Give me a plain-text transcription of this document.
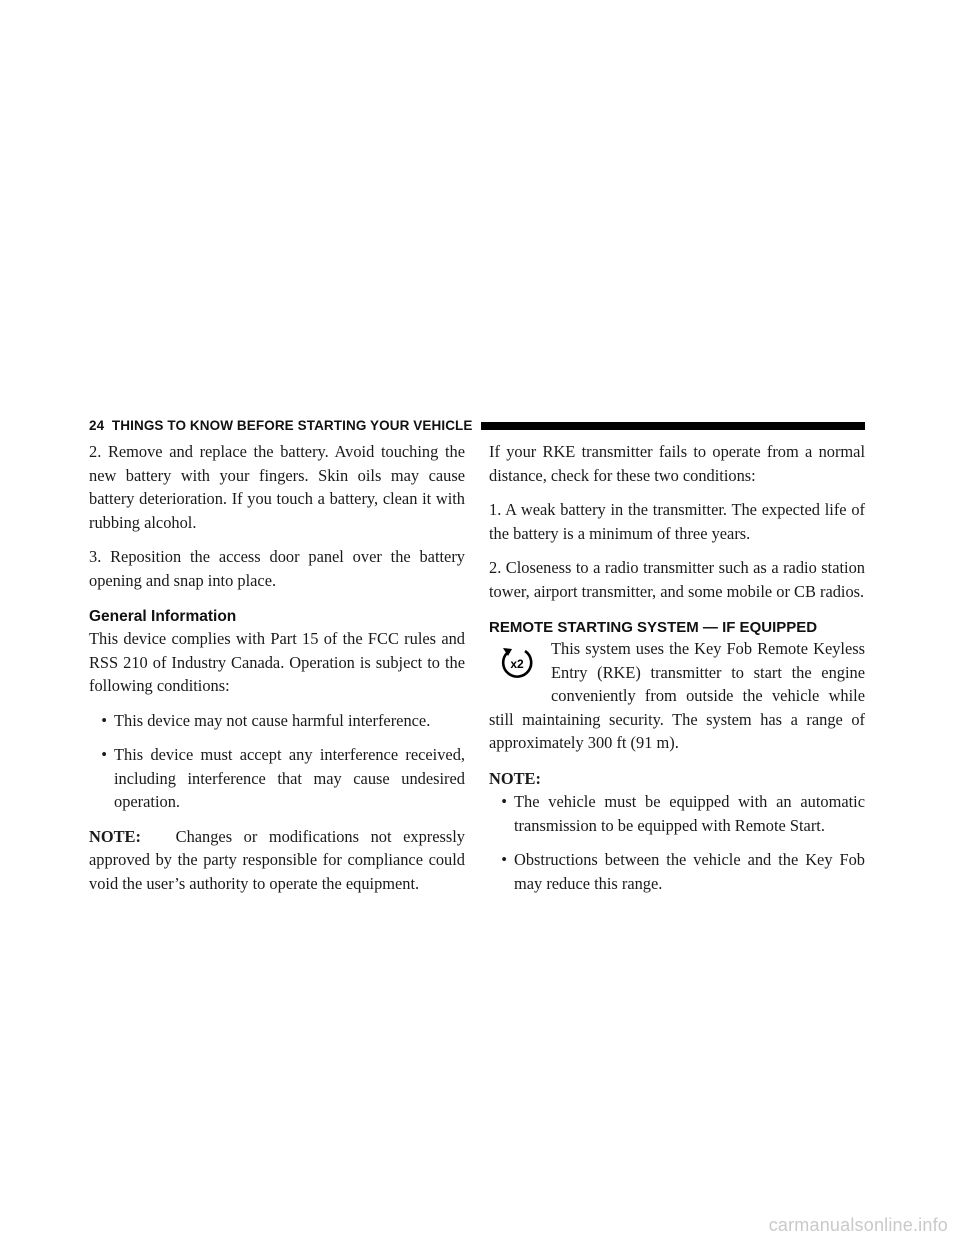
24 THINGS TO KNOW BEFORE STARTING YOUR VEHICLE

2. Remove and replace the battery. Avoid touching the new battery with your fingers. Skin oils may cause battery deterioration. If you touch a battery, clean it with rubbing alcohol.

3. Reposition the access door panel over the battery opening and snap into place.

General Information

This device complies with Part 15 of the FCC rules and RSS 210 of Industry Canada. Operation is subject to the following conditions:

• This device may not cause harmful interference.
• This device must accept any interference received, including interference that may cause undesired operation.

NOTE: Changes or modifications not expressly approved by the party responsible for compliance could void the user’s authority to operate the equipment.

If your RKE transmitter fails to operate from a normal distance, check for these two conditions:

1. A weak battery in the transmitter. The expected life of the battery is a minimum of three years.

2. Closeness to a radio transmitter such as a radio station tower, airport transmitter, and some mobile or CB radios.

REMOTE STARTING SYSTEM — IF EQUIPPED
x2

This system uses the Key Fob Remote Keyless Entry (RKE) transmitter to start the engine conveniently from outside the vehicle while still maintaining security. The system has a range of approximately 300 ft (91 m).

NOTE:
• The vehicle must be equipped with an automatic transmission to be equipped with Remote Start.
• Obstructions between the vehicle and the Key Fob may reduce this range.
carmanualsonline.info
